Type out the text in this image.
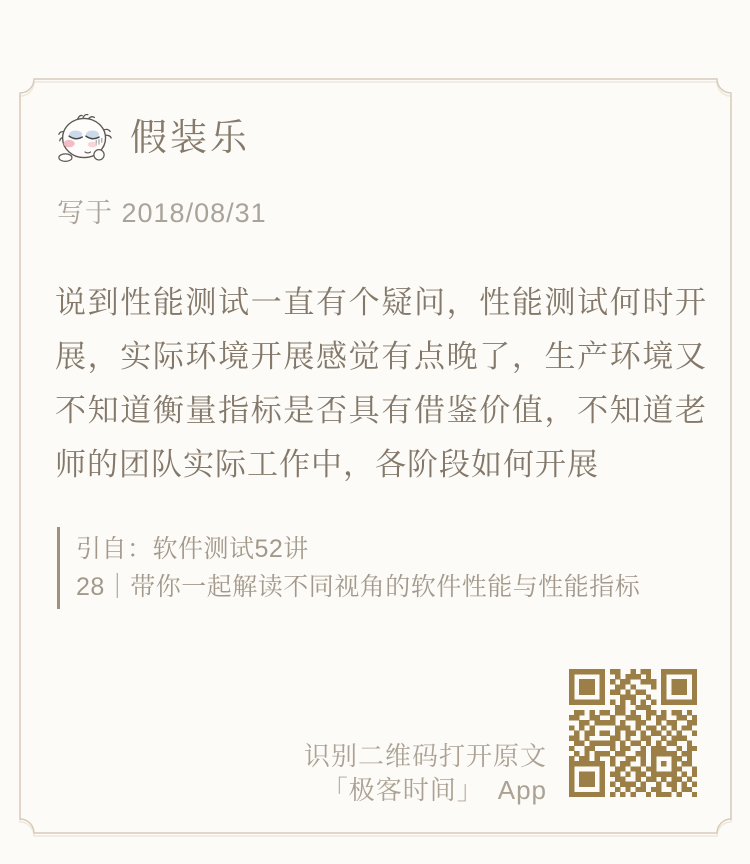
假装乐
写于 2018/08/31

说到性能测试一直有个疑问，性能测试何时开展，实际环境开展感觉有点晚了，生产环境又不知道衡量指标是否具有借鉴价值，不知道老师的团队实际工作中，各阶段如何开展

引自：软件测试52讲
28｜带你一起解读不同视角的软件性能与性能指标
识别二维码打开原文
「极客时间」　App
